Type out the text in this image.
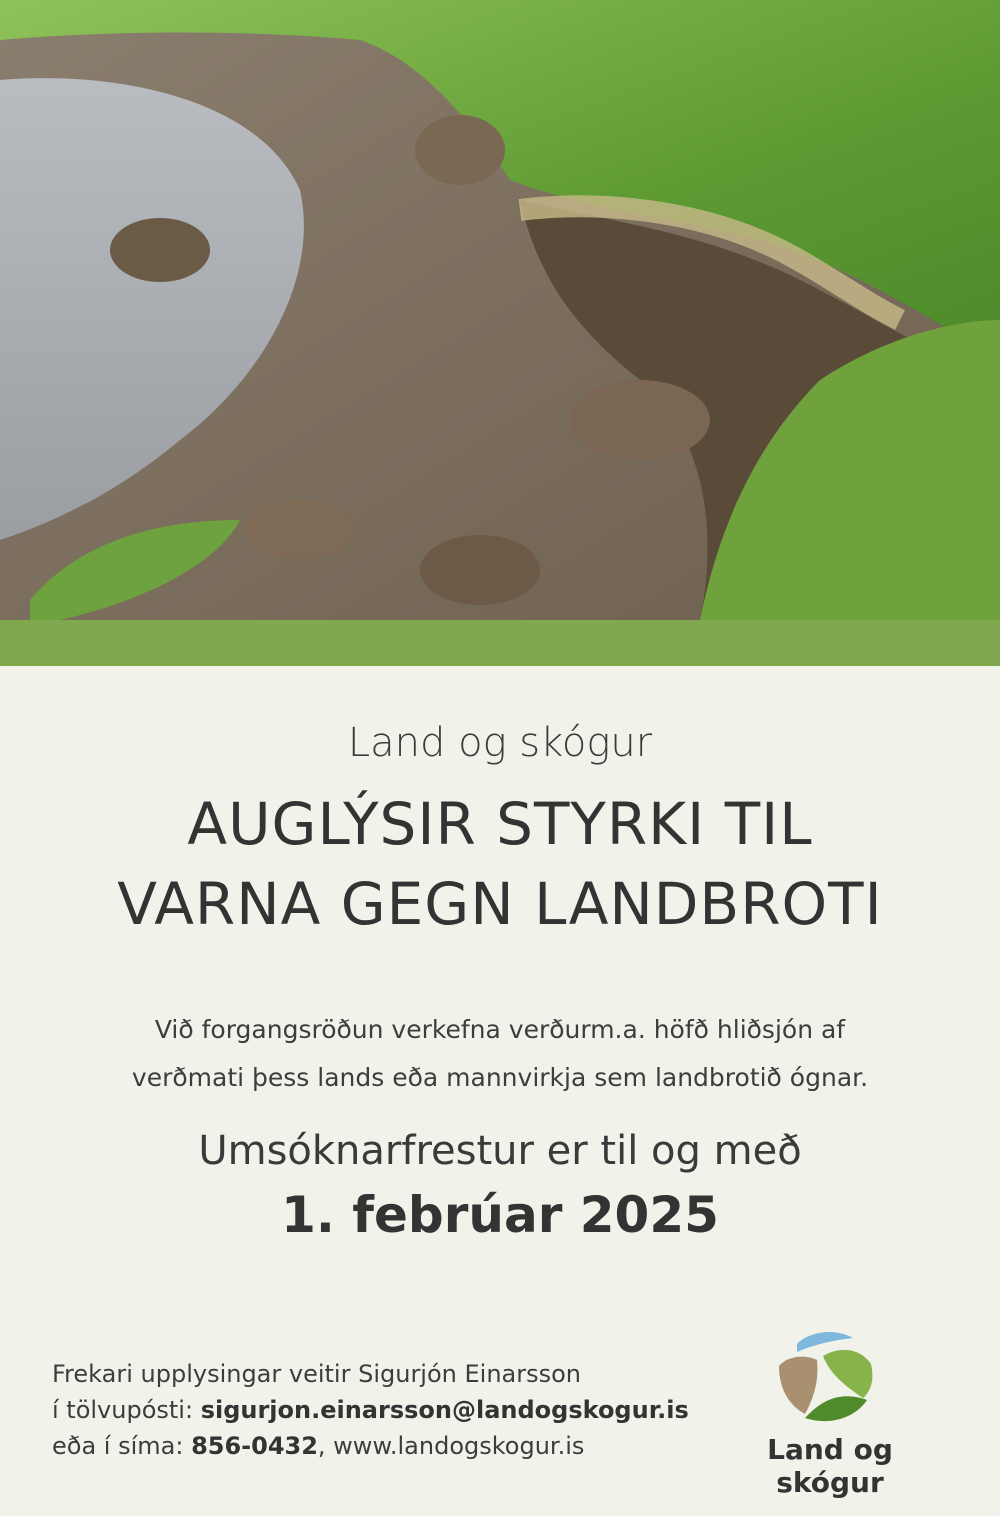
Land og skógur
AUGLÝSIR STYRKI TIL
VARNA GEGN LANDBROTI
Við forgangsröðun verkefna verðurm.a. höfð hliðsjón af
verðmati þess lands eða mannvirkja sem landbrotið ógnar.
Umsóknarfrestur er til og með
1. febrúar 2025
Frekari upplysingar veitir Sigurjón Einarsson
í tölvupósti: sigurjon.einarsson@landogskogur.is
eða í síma: 856-0432, www.landogskogur.is	Land og skógur
